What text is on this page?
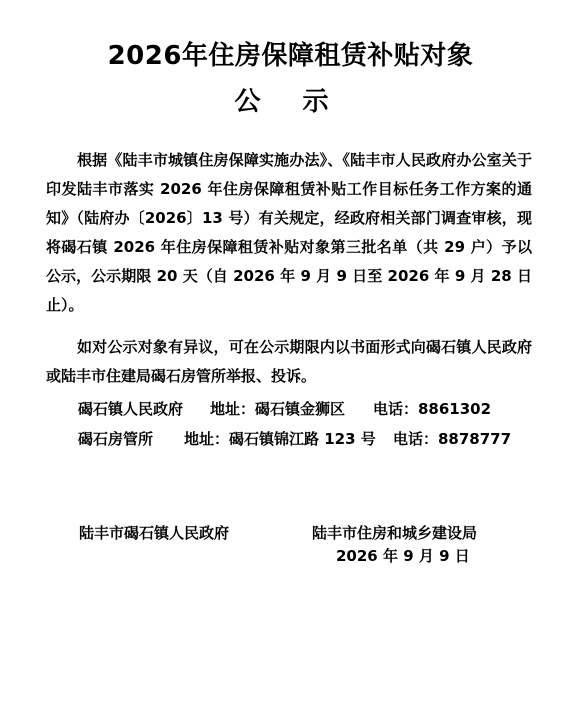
2026年住房保障租赁补贴对象
公示
根据《陆丰市城镇住房保障实施办法》、《陆丰市人民政府办公室关于印发陆丰市落实 2026 年住房保障租赁补贴工作目标任务工作方案的通知》（陆府办〔2026〕13 号）有关规定，经政府相关部门调查审核，现将碣石镇 2026 年住房保障租赁补贴对象第三批名单（共 29 户）予以公示，公示期限 20 天（自 2026 年 9 月 9 日至 2026 年 9 月 28 日止）。
如对公示对象有异议，可在公示期限内以书面形式向碣石镇人民政府或陆丰市住建局碣石房管所举报、投诉。
碣石镇人民政府 地址：碣石镇金狮区 电话：8861302
碣石房管所 地址：碣石镇锦江路 123 号 电话：8878777
陆丰市碣石镇人民政府	陆丰市住房和城乡建设局
2026 年 9 月 9 日
